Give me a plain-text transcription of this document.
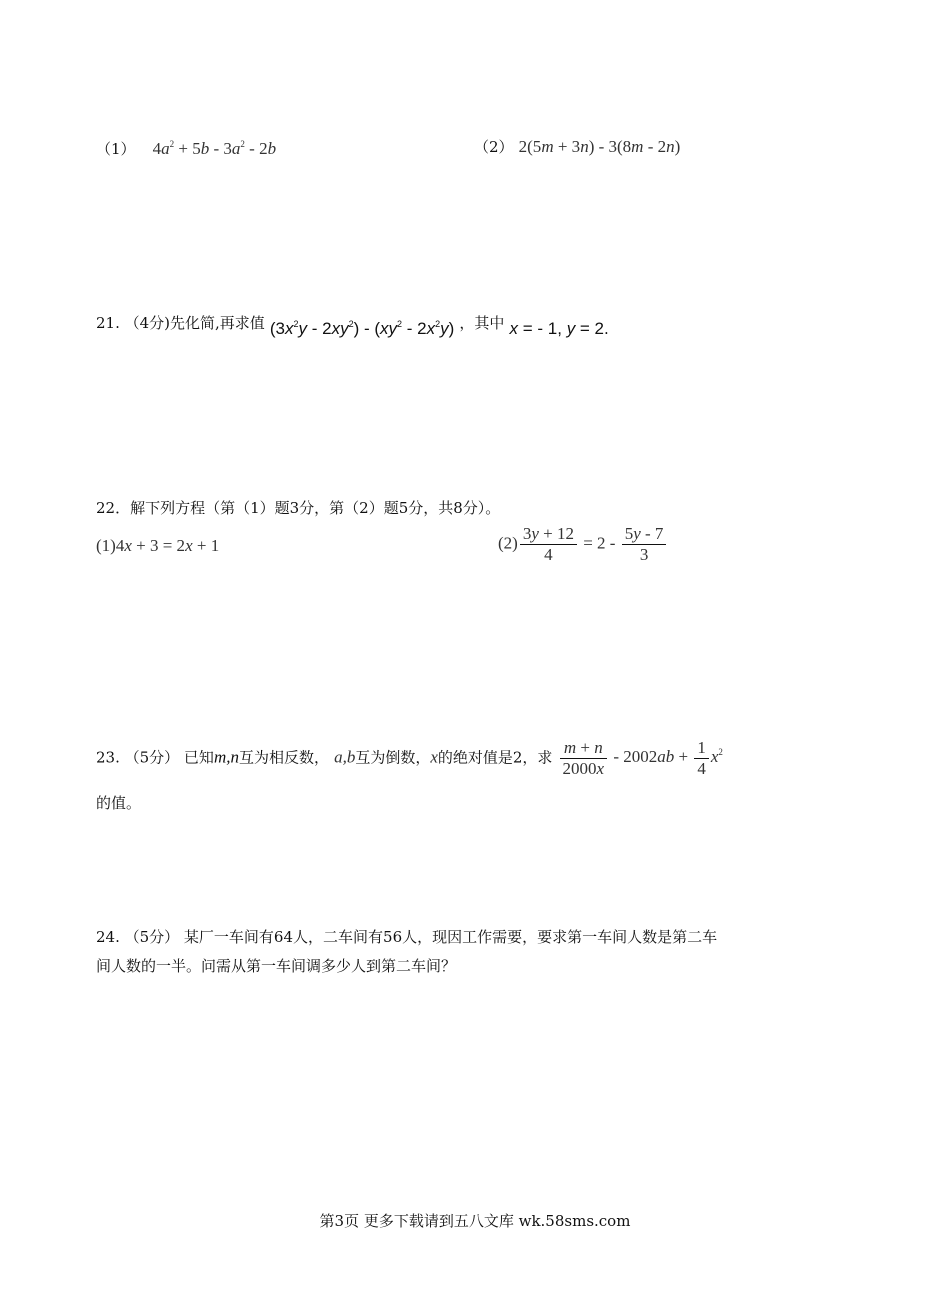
（1） $4a^2 + 5b - 3a^2 - 2b$	（2） 2(5m + 3n) - 3(8m - 2n)
21. （4分)先化简,再求值 $(3x^2y - 2xy^2) - (xy^2 - 2x^2y)$ ，其中 x = - 1, y = 2.
22．解下列方程（第（1）题3分，第（2）题5分，共8分）。
(1)4x + 3 = 2x + 1	$(2) \frac{3y + 12}{4} = 2 - \frac{5y - 7}{3}$
23. （5分） 已知m,n互为相反数， a,b互为倒数，x的绝对值是2，求 $\frac{m + n}{2000x} - 2002ab + \frac{1}{4} x^2$
的值。
24. （5分） 某厂一车间有64人，二车间有56人，现因工作需要，要求第一车间人数是第二车
间人数的一半。问需从第一车间调多少人到第二车间？
第3页 更多下载请到五八文库 wk.58sms.com
